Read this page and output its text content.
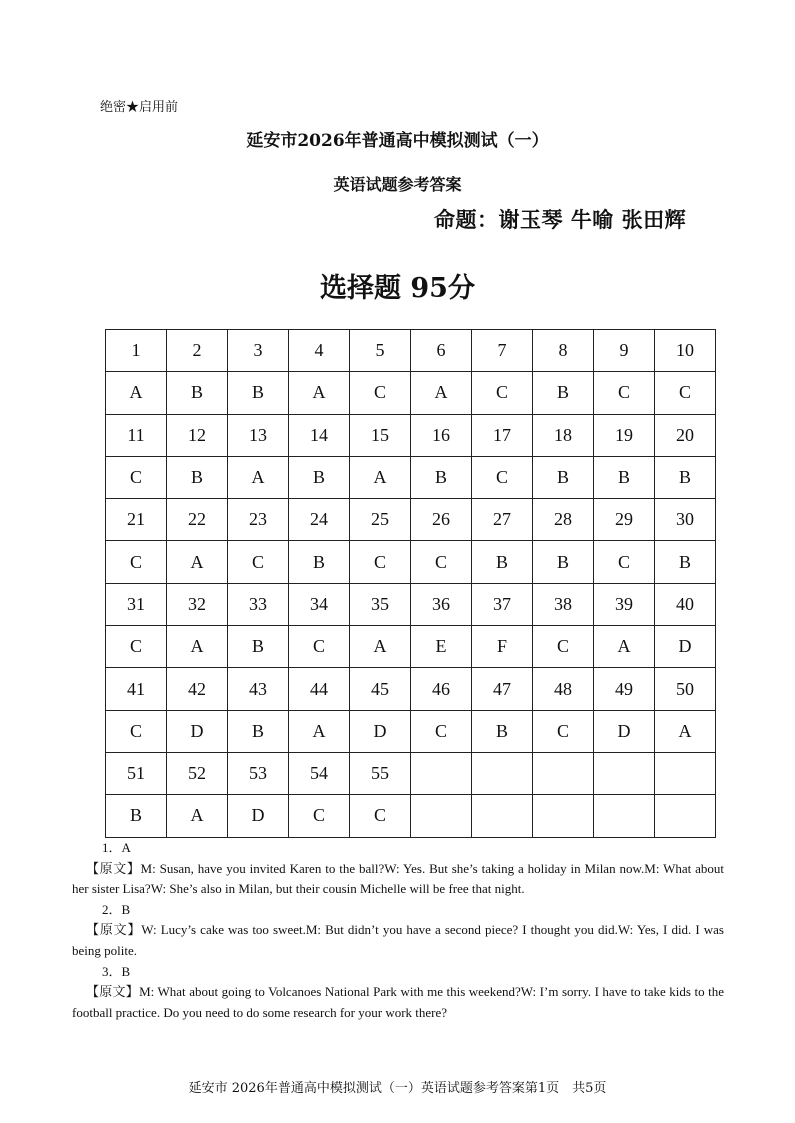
绝密★启用前
延安市2026年普通高中模拟测试（一）
英语试题参考答案
命题：谢玉琴 牛喻 张田辉
选择题 95分
1	2	3	4	5	6	7	8	9	10
A	B	B	A	C	A	C	B	C	C
11	12	13	14	15	16	17	18	19	20
C	B	A	B	A	B	C	B	B	B
21	22	23	24	25	26	27	28	29	30
C	A	C	B	C	C	B	B	C	B
31	32	33	34	35	36	37	38	39	40
C	A	B	C	A	E	F	C	A	D
41	42	43	44	45	46	47	48	49	50
C	D	B	A	D	C	B	C	D	A
51	52	53	54	55					
B	A	D	C	C					
1．A
【原文】M: Susan, have you invited Karen to the ball?W: Yes. But she’s taking a holiday in Milan now.M: What about her sister Lisa?W: She’s also in Milan, but their cousin Michelle will be free that night.
2．B
【原文】W: Lucy’s cake was too sweet.M: But didn’t you have a second piece? I thought you did.W: Yes, I did. I was being polite.
3．B
【原文】M: What about going to Volcanoes National Park with me this weekend?W: I’m sorry. I have to take kids to the football practice. Do you need to do some research for your work there?
延安市 2026年普通高中模拟测试（一）英语试题参考答案第1页　共5页
